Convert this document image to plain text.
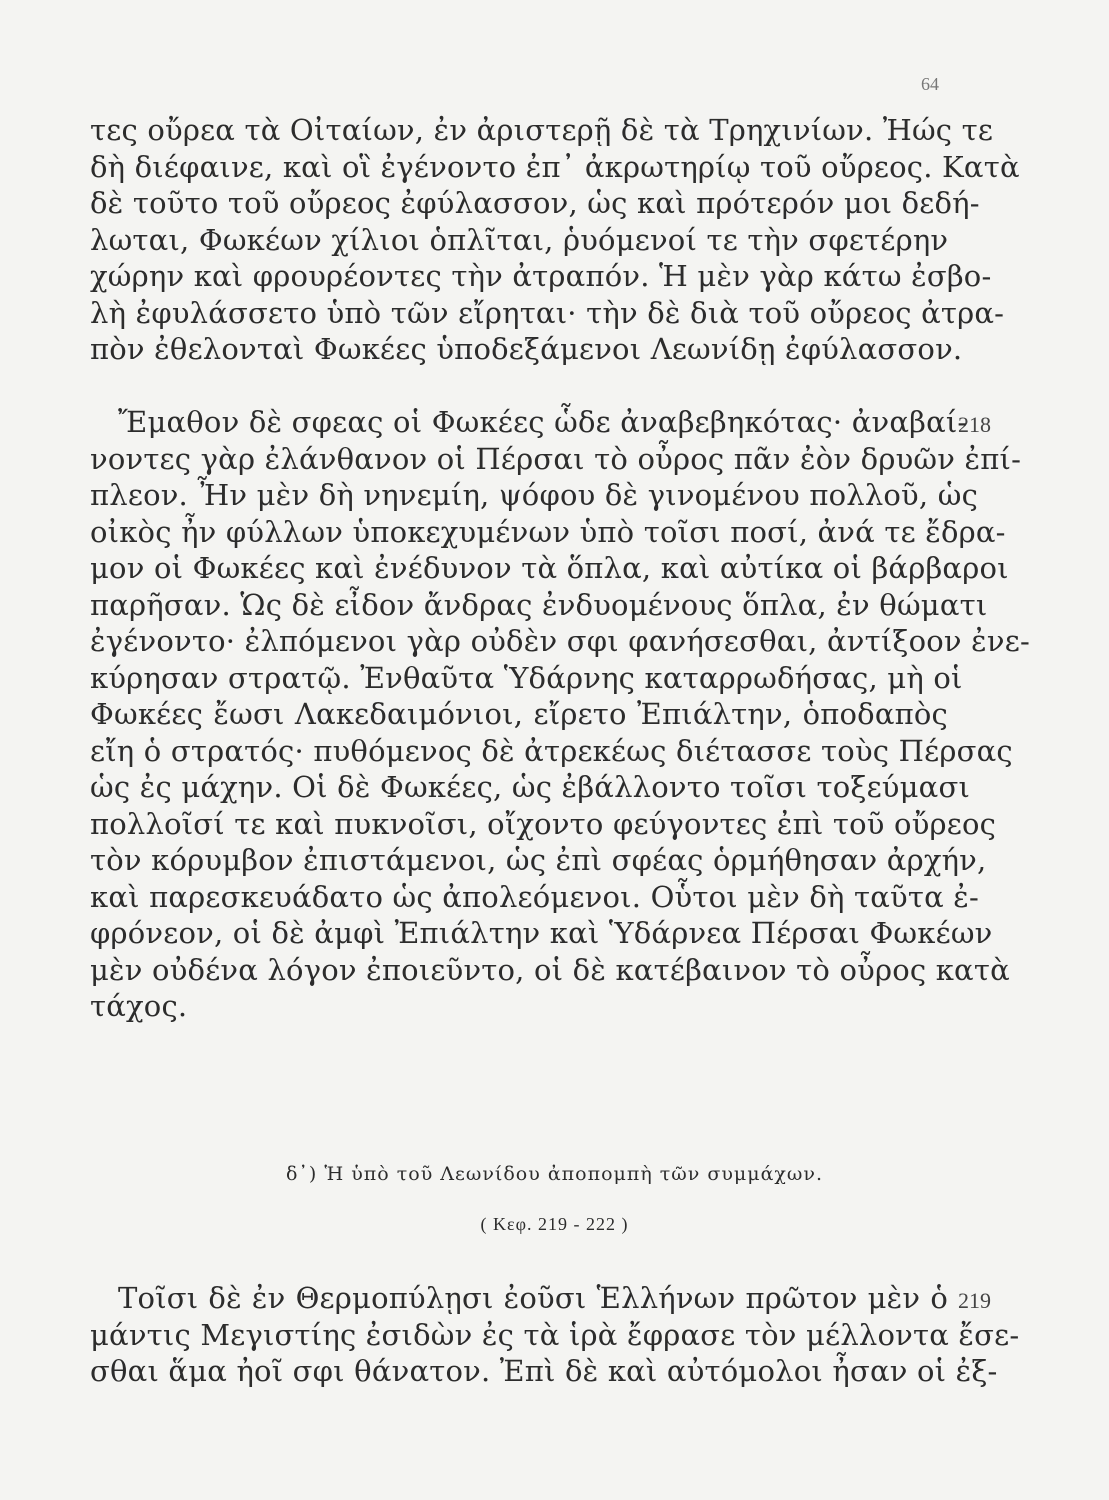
64
τες οὔρεα τὰ Οἰταίων, ἐν ἀριστερῇ δὲ τὰ Τρηχινίων. Ἠώς τε
δὴ διέφαινε, καὶ οἳ ἐγένοντο ἐπ᾽ ἀκρωτηρίῳ τοῦ οὔρεος. Κατὰ
δὲ τοῦτο τοῦ οὔρεος ἐφύλασσον, ὡς καὶ πρότερόν μοι δεδή-
λωται, Φωκέων χίλιοι ὁπλῖται, ῥυόμενοί τε τὴν σφετέρην
χώρην καὶ φρουρέοντες τὴν ἀτραπόν. Ἡ μὲν γὰρ κάτω ἐσβο-
λὴ ἐφυλάσσετο ὑπὸ τῶν εἴρηται· τὴν δὲ διὰ τοῦ οὔρεος ἀτρα-
πὸν ἐθελονταὶ Φωκέες ὑποδεξάμενοι Λεωνίδῃ ἐφύλασσον.
218
Ἔμαθον δὲ σφεας οἱ Φωκέες ὧδε ἀναβεβηκότας· ἀναβαί-
νοντες γὰρ ἐλάνθανον οἱ Πέρσαι τὸ οὖρος πᾶν ἐὸν δρυῶν ἐπί-
πλεον. Ἦν μὲν δὴ νηνεμίη, ψόφου δὲ γινομένου πολλοῦ, ὡς
οἰκὸς ἦν φύλλων ὑποκεχυμένων ὑπὸ τοῖσι ποσί, ἀνά τε ἔδρα-
μον οἱ Φωκέες καὶ ἐνέδυνον τὰ ὅπλα, καὶ αὐτίκα οἱ βάρβαροι
παρῆσαν. Ὡς δὲ εἶδον ἄνδρας ἐνδυομένους ὅπλα, ἐν θώματι
ἐγένοντο· ἐλπόμενοι γὰρ οὐδὲν σφι φανήσεσθαι, ἀντίξοον ἐνε-
κύρησαν στρατῷ. Ἐνθαῦτα Ὑδάρνης καταρρωδήσας, μὴ οἱ
Φωκέες ἔωσι Λακεδαιμόνιοι, εἴρετο Ἐπιάλτην, ὁποδαπὸς
εἴη ὁ στρατός· πυθόμενος δὲ ἀτρεκέως διέτασσε τοὺς Πέρσας
ὡς ἐς μάχην. Οἱ δὲ Φωκέες, ὡς ἐβάλλοντο τοῖσι τοξεύμασι
πολλοῖσί τε καὶ πυκνοῖσι, οἴχοντο φεύγοντες ἐπὶ τοῦ οὔρεος
τὸν κόρυμβον ἐπιστάμενοι, ὡς ἐπὶ σφέας ὁρμήθησαν ἀρχήν,
καὶ παρεσκευάδατο ὡς ἀπολεόμενοι. Οὗτοι μὲν δὴ ταῦτα ἐ-
φρόνεον, οἱ δὲ ἀμφὶ Ἐπιάλτην καὶ Ὑδάρνεα Πέρσαι Φωκέων
μὲν οὐδένα λόγον ἐποιεῦντο, οἱ δὲ κατέβαινον τὸ οὖρος κατὰ
τάχος.
δ᾽) Ἡ ὑπὸ τοῦ Λεωνίδου ἀποπομπὴ τῶν συμμάχων.
( Κεφ. 219 - 222 )
219
Τοῖσι δὲ ἐν Θερμοπύλῃσι ἐοῦσι Ἑλλήνων πρῶτον μὲν ὁ
μάντις Μεγιστίης ἐσιδὼν ἐς τὰ ἱρὰ ἔφρασε τὸν μέλλοντα ἔσε-
σθαι ἅμα ἠοῖ σφι θάνατον. Ἐπὶ δὲ καὶ αὐτόμολοι ἦσαν οἱ ἐξ-
